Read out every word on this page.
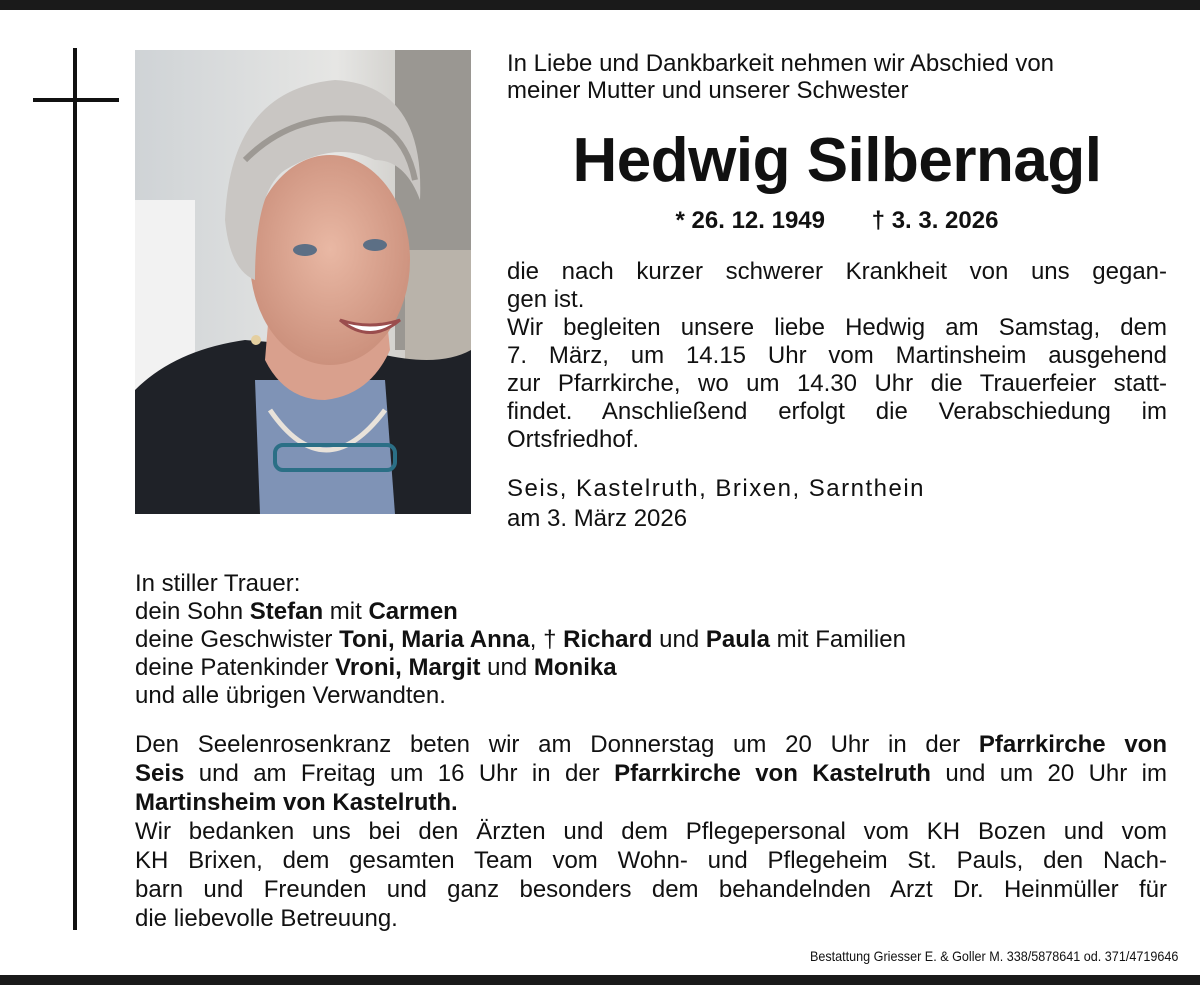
In Liebe und Dankbarkeit nehmen wir Abschied von
meiner Mutter und unserer Schwester
Hedwig Silbernagl
* 26. 12. 1949 † 3. 3. 2026
die nach kurzer schwerer Krankheit von uns gegan-
gen ist.
Wir begleiten unsere liebe Hedwig am Samstag, dem
7. März, um 14.15 Uhr vom Martinsheim ausgehend
zur Pfarrkirche, wo um 14.30 Uhr die Trauerfeier statt-
findet. Anschließend erfolgt die Verabschiedung im
Ortsfriedhof.
Seis, Kastelruth, Brixen, Sarnthein
am 3. März 2026
In stiller Trauer:
dein Sohn Stefan mit Carmen
deine Geschwister Toni, Maria Anna, † Richard und Paula mit Familien
deine Patenkinder Vroni, Margit und Monika
und alle übrigen Verwandten.
Den Seelenrosenkranz beten wir am Donnerstag um 20 Uhr in der Pfarrkirche von
Seis und am Freitag um 16 Uhr in der Pfarrkirche von Kastelruth und um 20 Uhr im
Martinsheim von Kastelruth.
Wir bedanken uns bei den Ärzten und dem Pflegepersonal vom KH Bozen und vom
KH Brixen, dem gesamten Team vom Wohn- und Pflegeheim St. Pauls, den Nach-
barn und Freunden und ganz besonders dem behandelnden Arzt Dr. Heinmüller für
die liebevolle Betreuung.
Bestattung Griesser E. & Goller M. 338/5878641 od. 371/4719646
